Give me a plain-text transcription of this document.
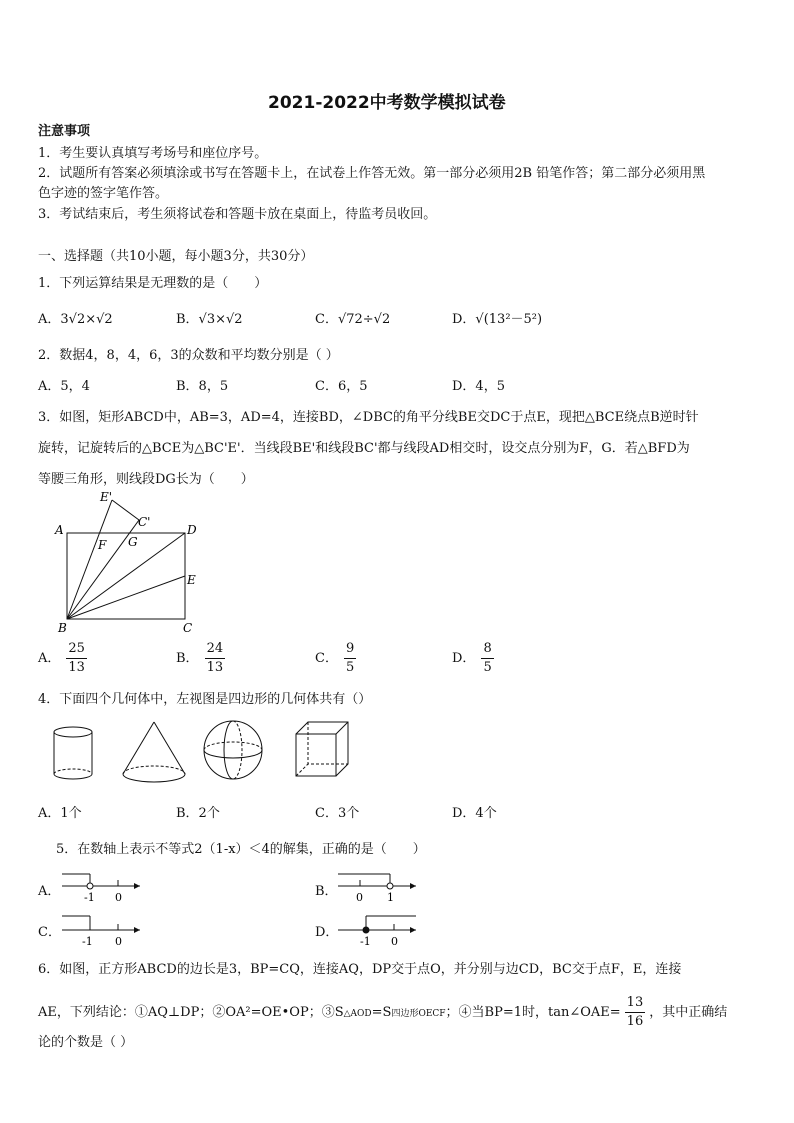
2021-2022中考数学模拟试卷
注意事项
1．考生要认真填写考场号和座位序号。
2．试题所有答案必须填涂或书写在答题卡上，在试卷上作答无效。第一部分必须用2B 铅笔作答；第二部分必须用黑
色字迹的签字笔作答。
3．考试结束后，考生须将试卷和答题卡放在桌面上，待监考员收回。
一、选择题（共10小题，每小题3分，共30分）
1．下列运算结果是无理数的是（　　）
A．3√2×√2	B．√3×√2	C．√72÷√2	D．√(13²－5²)
2．数据4，8，4，6，3的众数和平均数分别是（ ）
A．5，4	B．8，5	C．6，5	D．4，5
3．如图，矩形ABCD中，AB=3，AD=4，连接BD，∠DBC的角平分线BE交DC于点E，现把△BCE绕点B逆时针
旋转，记旋转后的△BCE为△BC'E'．当线段BE'和线段BC'都与线段AD相交时，设交点分别为F，G．若△BFD为
等腰三角形，则线段DG长为（　　）
E'
C'
A	D
F G
E
B	C
A． $\frac{25}{13}$	B． $\frac{24}{13}$	C． $\frac{9}{5}$	D． $\frac{8}{5}$
4．下面四个几何体中，左视图是四边形的几何体共有（）
A．1个	B．2个	C．3个	D．4个
5．在数轴上表示不等式2（1-x）＜4的解集，正确的是（　　）
A． -1 0	B． 0 1
C．
-1 0
D．
-1 0
6．如图，正方形ABCD的边长是3，BP=CQ，连接AQ，DP交于点O，并分别与边CD，BC交于点F，E，连接
AE，下列结论：①AQ⊥DP；②OA²=OE•OP；③S△AOD=S四边形OECF；④当BP=1时，tan∠OAE= $\frac{13}{16}$ ，其中正确结
论的个数是（ ）
